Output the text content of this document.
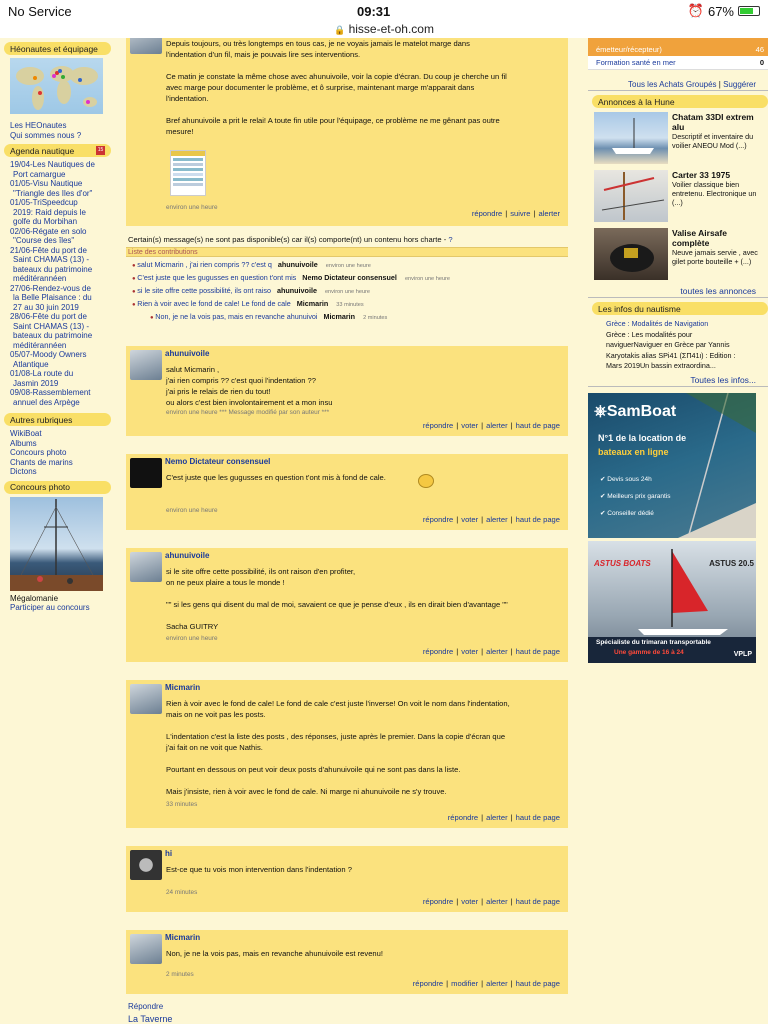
No Service	09:31	⏰ 67%
🔒 hisse-et-oh.com
Héonautes et équipage
Les HEOnautes
Qui sommes nous ?
Agenda nautique	15
19/04-Les Nautiques de
Port camargue
01/05-Visu Nautique
"Triangle des Iles d'or"
01/05-TriSpeedcup
2019: Raid depuis le
golfe du Morbihan
02/06-Régate en solo
"Course des îles"
21/06-Fête du port de
Saint CHAMAS (13) -
bateaux du patrimoine
méditérannéen
27/06-Rendez-vous de
la Belle Plaisance : du
27 au 30 juin 2019
28/06-Fête du port de
Saint CHAMAS (13) -
bateaux du patrimoine
méditérannéen
05/07-Moody Owners
Atlantique
01/08-La route du
Jasmin 2019
09/08-Rassemblement
annuel des Arpège
Autres rubriques
WikiBoat
Albums
Concours photo
Chants de marins
Dictons
Concours photo
Mégalomanie
Participer au concours
Depuis toujours, ou très longtemps en tous cas, je ne voyais jamais le matelot marge dans
l'indentation d'un fil, mais je pouvais lire ses interventions.
Ce matin je constate la même chose avec ahunuivoile, voir la copie d'écran. Du coup je cherche un fil
avec marge pour documenter le problème, et ô surprise, maintenant marge m'apparait dans
l'indentation.
Bref ahunuivoile a prit le relai! A toute fin utile pour l'équipage, ce problème ne me gênant pas outre
mesure!
environ une heure
répondre | suivre | alerter
Certain(s) message(s) ne sont pas disponible(s) car il(s) comporte(nt) un contenu hors charte - ?
Liste des contributions
● salut Micmarin , j'ai rien compris ?? c'est q ahunuivoile environ une heure
● C'est juste que les gugusses en question t'ont mis Nemo Dictateur consensuel environ une heure
● si le site offre cette possibilité, ils ont raiso ahunuivoile environ une heure
● Rien à voir avec le fond de cale! Le fond de cale Micmarin 33 minutes
● Non, je ne la vois pas, mais en revanche ahunuivoi Micmarin 2 minutes
ahunuivoile
salut Micmarin ,
j'ai rien compris ?? c'est quoi l'indentation ??
j'ai pris le relais de rien du tout!
ou alors c'est bien involontairement et a mon insu
environ une heure *** Message modifié par son auteur ***
répondre | voter | alerter | haut de page
Nemo Dictateur consensuel
C'est juste que les gugusses en question t'ont mis à fond de cale.
environ une heure
répondre | voter | alerter | haut de page
ahunuivoile
si le site offre cette possibilité, ils ont raison d'en profiter,
on ne peux plaire a tous le monde !
"" si les gens qui disent du mal de moi, savaient ce que je pense d'eux , ils en dirait bien d'avantage ""
Sacha GUITRY
environ une heure
répondre | voter | alerter | haut de page
Micmarin
Rien à voir avec le fond de cale! Le fond de cale c'est juste l'inverse! On voit le nom dans l'indentation,
mais on ne voit pas les posts.
L'indentation c'est la liste des posts , des réponses, juste après le premier. Dans la copie d'écran que
j'ai fait on ne voit que Nathis.
Pourtant en dessous on peut voir deux posts d'ahunuivoile qui ne sont pas dans la liste.
Mais j'insiste, rien à voir avec le fond de cale. Ni marge ni ahunuivoile ne s'y trouve.
33 minutes
répondre | alerter | haut de page
hi
Est-ce que tu vois mon intervention dans l'indentation ?
24 minutes
répondre | voter | alerter | haut de page
Micmarin
Non, je ne la vois pas, mais en revanche ahunuivoile est revenu!
2 minutes
répondre | modifier | alerter | haut de page
Répondre
La Taverne
émetteur/récepteur)	46
Formation santé en mer	0
Tous les Achats Groupés | Suggérer
Annonces à la Hune
Chatam 33DI extrem alu
Descriptif et inventaire du voilier ANEOU Mod (...)
Carter 33 1975
Voilier classique bien entretenu. Electronique un (...)
Valise Airsafe complète
Neuve jamais servie , avec gilet porte bouteille + (...)
toutes les annonces
Les infos du nautisme
Grèce : Modalités de Navigation
Grèce : Les modalités pour
naviguerNaviguer en Grèce par Yannis
Karyotakis alias SPi41 (ΣΠ41ι) : Edition :
Mars 2019Un bassin extraordina...
Toutes les infos...
⎈SamBoat
N°1 de la location de
bateaux en ligne
✔ Devis sous 24h
✔ Meilleurs prix garantis
✔ Conseiller dédié
ASTUS BOATS	ASTUS 20.5
Spécialiste du trimaran transportable
Une gamme de 16 à 24	VPLP
